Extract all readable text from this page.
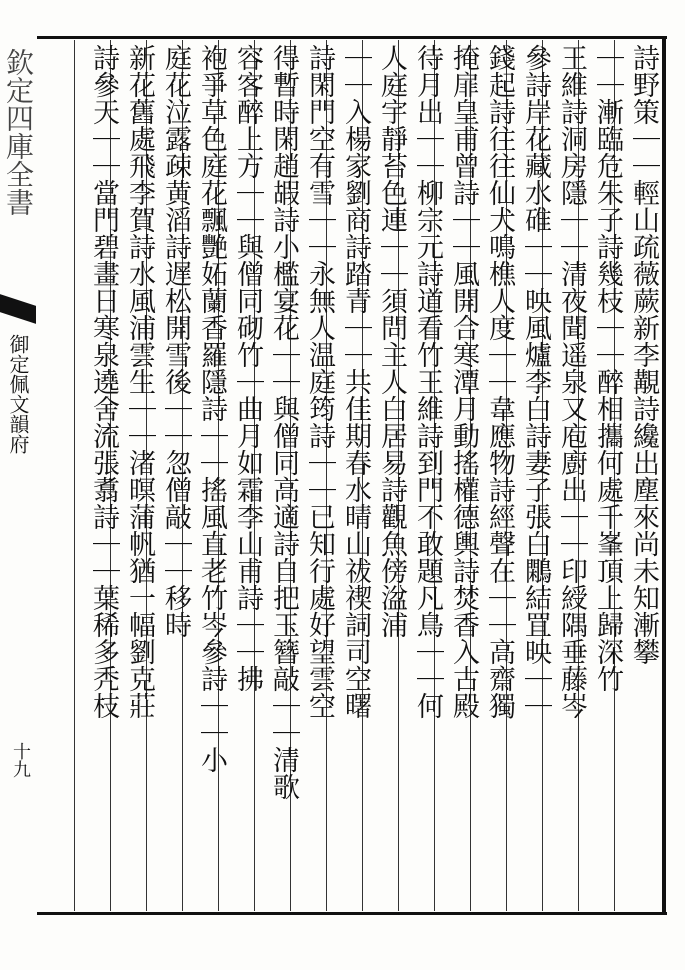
欽定四庫全書
御定佩文韻府
十九
詩野策｜｜輕山疏薇蕨新李覯詩纔出塵來尚未知漸攀
｜｜漸臨危朱子詩幾枝｜｜醉相攜何處千峯頂上歸深竹
王維詩洞房隱｜｜清夜聞遥泉又庖廚出｜｜印綬隅垂藤岑
參詩岸花藏水碓｜｜映風爐李白詩妻子張白鷴結罝映｜｜
錢起詩往往仙犬鳴樵人度｜｜韋應物詩經聲在｜｜高齋獨
掩扉皇甫曾詩｜｜風開合寒潭月動搖權德輿詩焚香入古殿
待月出｜｜柳宗元詩道看竹王維詩到門不敢題凡鳥｜｜何
人庭宇靜苔色連｜｜須問主人白居易詩觀魚傍湓浦
｜｜入楊家劉商詩踏青｜｜共佳期春水晴山祓禊詞司空曙
詩閑門空有雪｜｜永無人温庭筠詩｜｜已知行處好望雲空
得暫時閑趙嘏詩小檻宴花｜｜與僧同高適詩自把玉簪敲｜｜清歌
容客醉上方｜｜與僧同砌竹｜曲月如霜李山甫詩｜｜拂
袍爭草色庭花飄艷妬蘭香羅隱詩｜｜搖風直老竹岑參詩｜｜小
庭花泣露疎黄滔詩遅松開雪後｜｜忽僧敲｜｜移時
新花舊處飛李賀詩水風浦雲生｜｜渚暝蒲帆猶一幅劉克莊
詩參天｜｜當門碧畫日寒泉遶舍流張翥詩｜｜葉稀多秃枝
